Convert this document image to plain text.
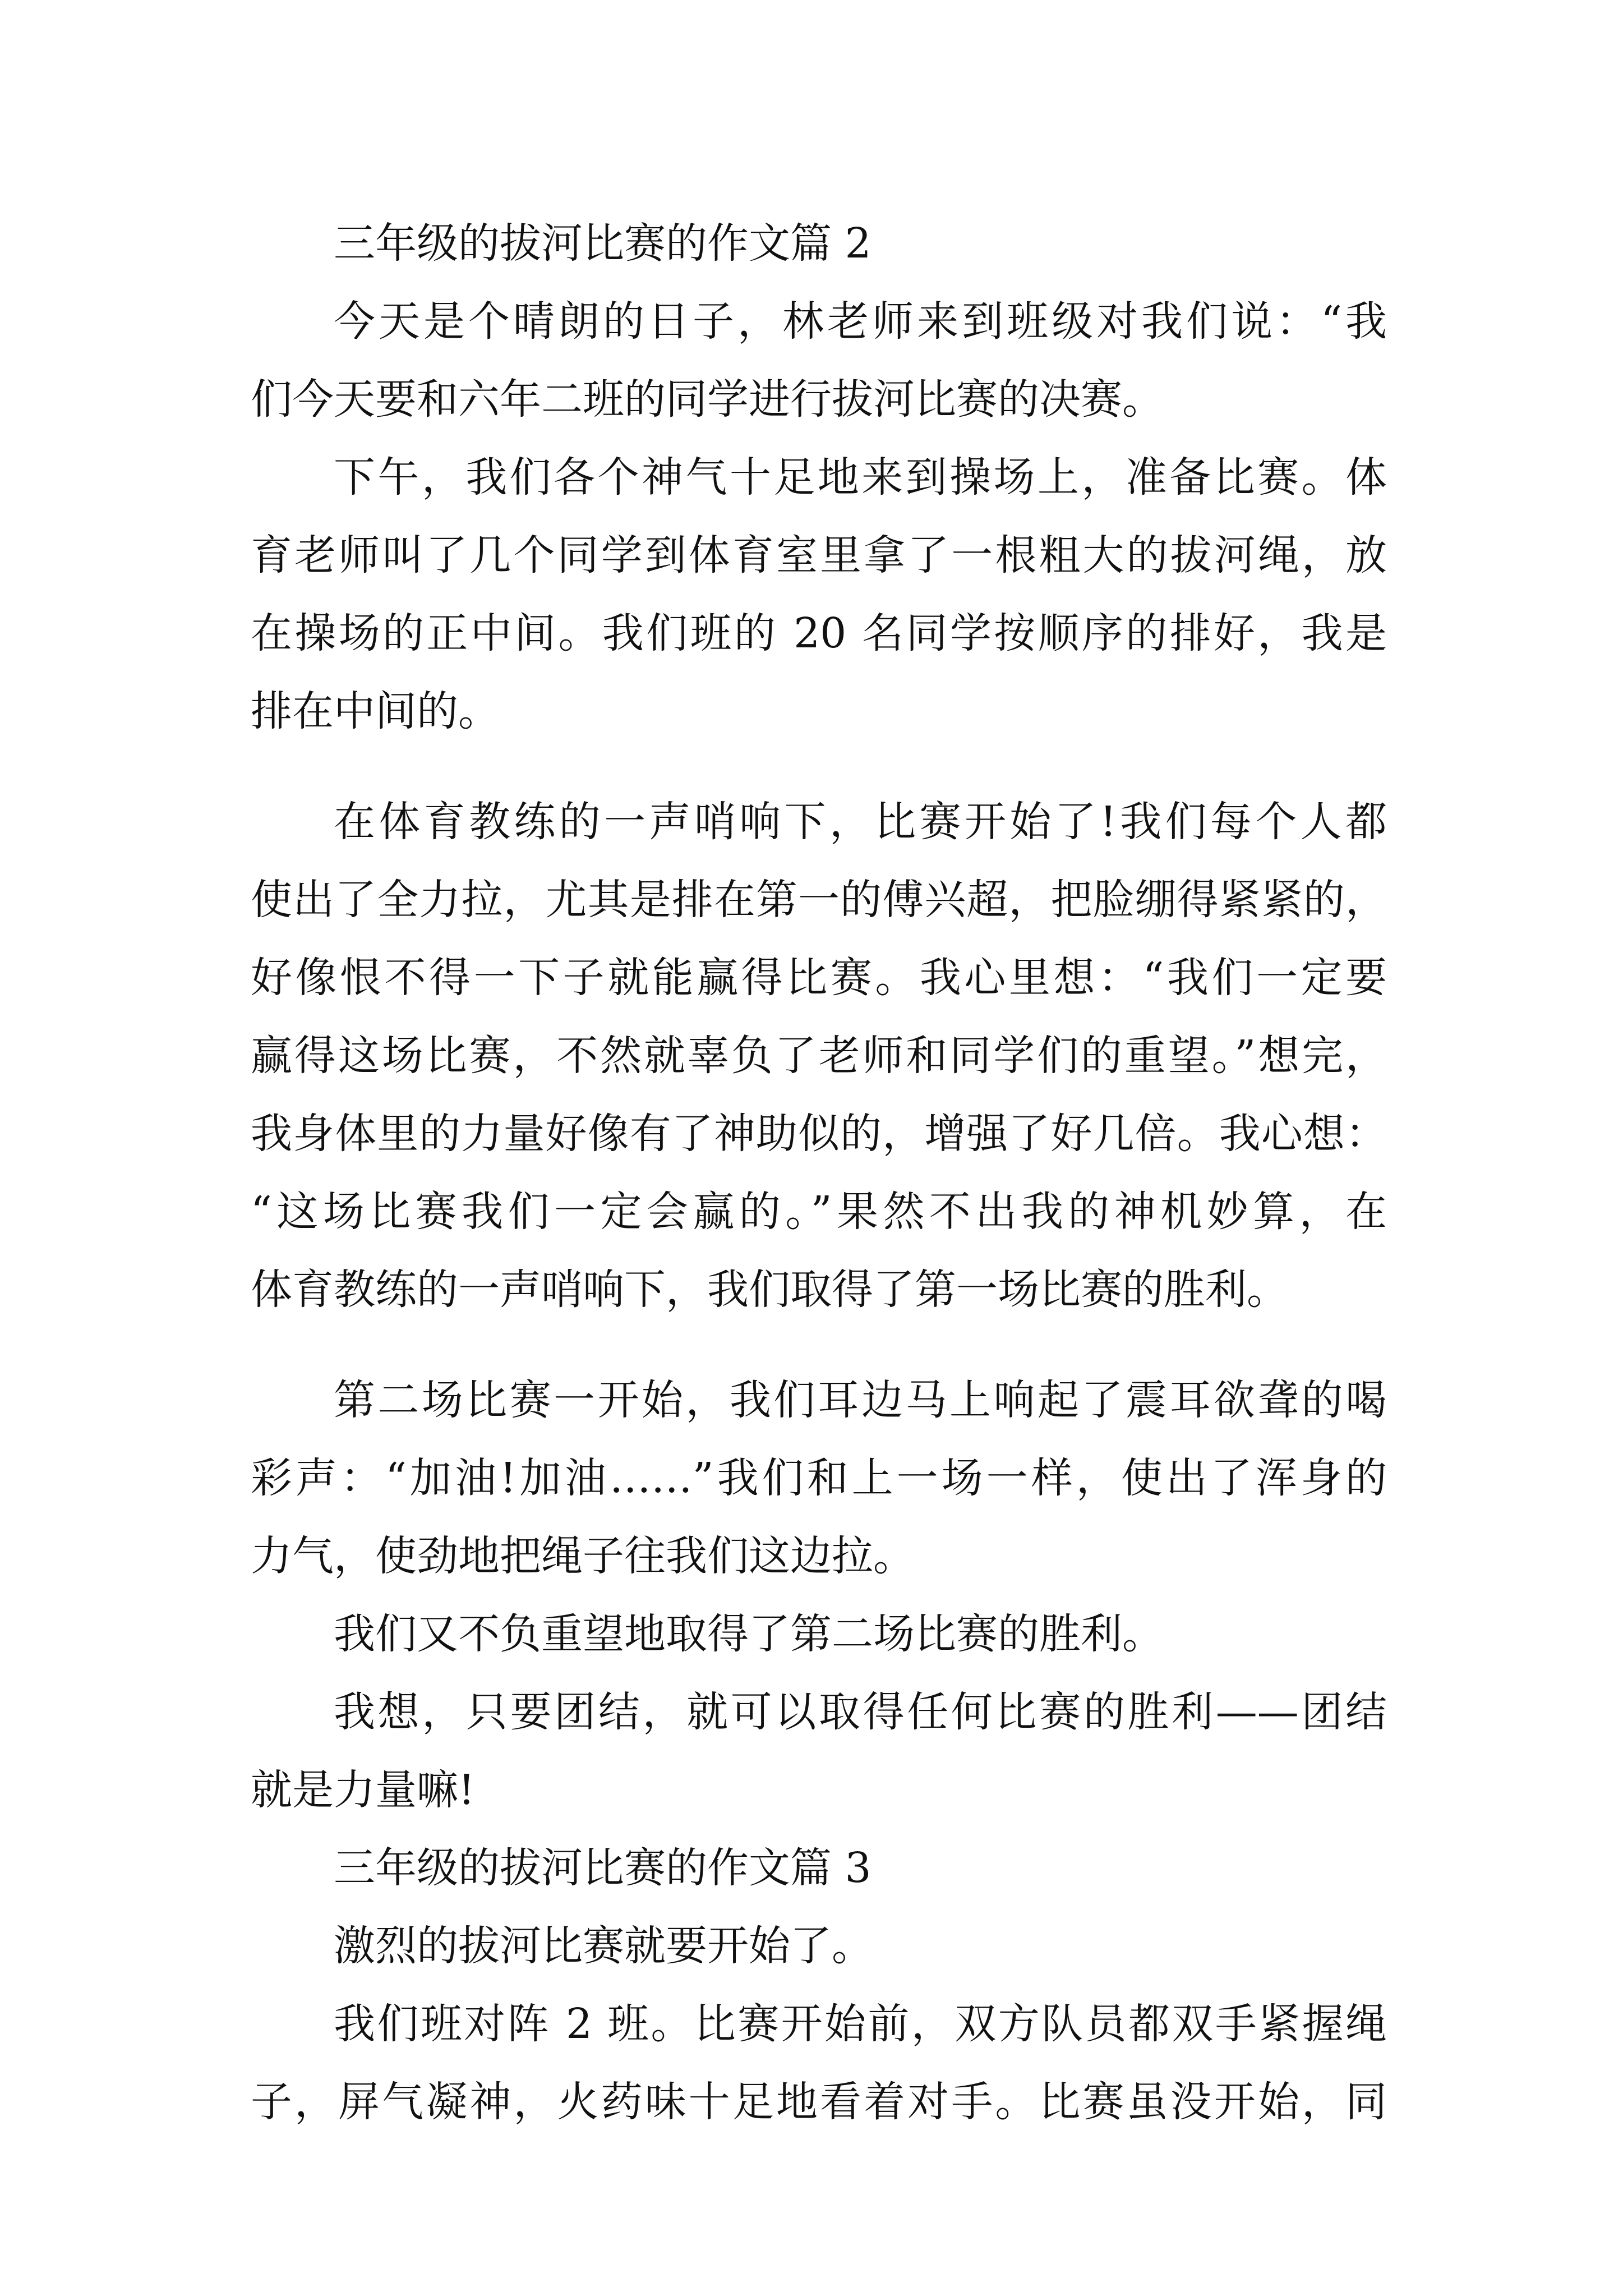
三年级的拔河比赛的作文篇 2
今天是个晴朗的日子，林老师来到班级对我们说：“我
们今天要和六年二班的同学进行拔河比赛的决赛。
下午，我们各个神气十足地来到操场上，准备比赛。体
育老师叫了几个同学到体育室里拿了一根粗大的拔河绳，放
在操场的正中间。我们班的 20 名同学按顺序的排好，我是
排在中间的。
在体育教练的一声哨响下，比赛开始了!我们每个人都
使出了全力拉，尤其是排在第一的傅兴超，把脸绷得紧紧的，
好像恨不得一下子就能赢得比赛。我心里想：“我们一定要
赢得这场比赛，不然就辜负了老师和同学们的重望。”想完，
我身体里的力量好像有了神助似的，增强了好几倍。我心想：
“这场比赛我们一定会赢的。”果然不出我的神机妙算，在
体育教练的一声哨响下，我们取得了第一场比赛的胜利。
第二场比赛一开始，我们耳边马上响起了震耳欲聋的喝
彩声：“加油!加油……”我们和上一场一样，使出了浑身的
力气，使劲地把绳子往我们这边拉。
我们又不负重望地取得了第二场比赛的胜利。
我想，只要团结，就可以取得任何比赛的胜利——团结
就是力量嘛!
三年级的拔河比赛的作文篇 3
激烈的拔河比赛就要开始了。
我们班对阵 2 班。比赛开始前，双方队员都双手紧握绳
子，屏气凝神，火药味十足地看着对手。比赛虽没开始，同
